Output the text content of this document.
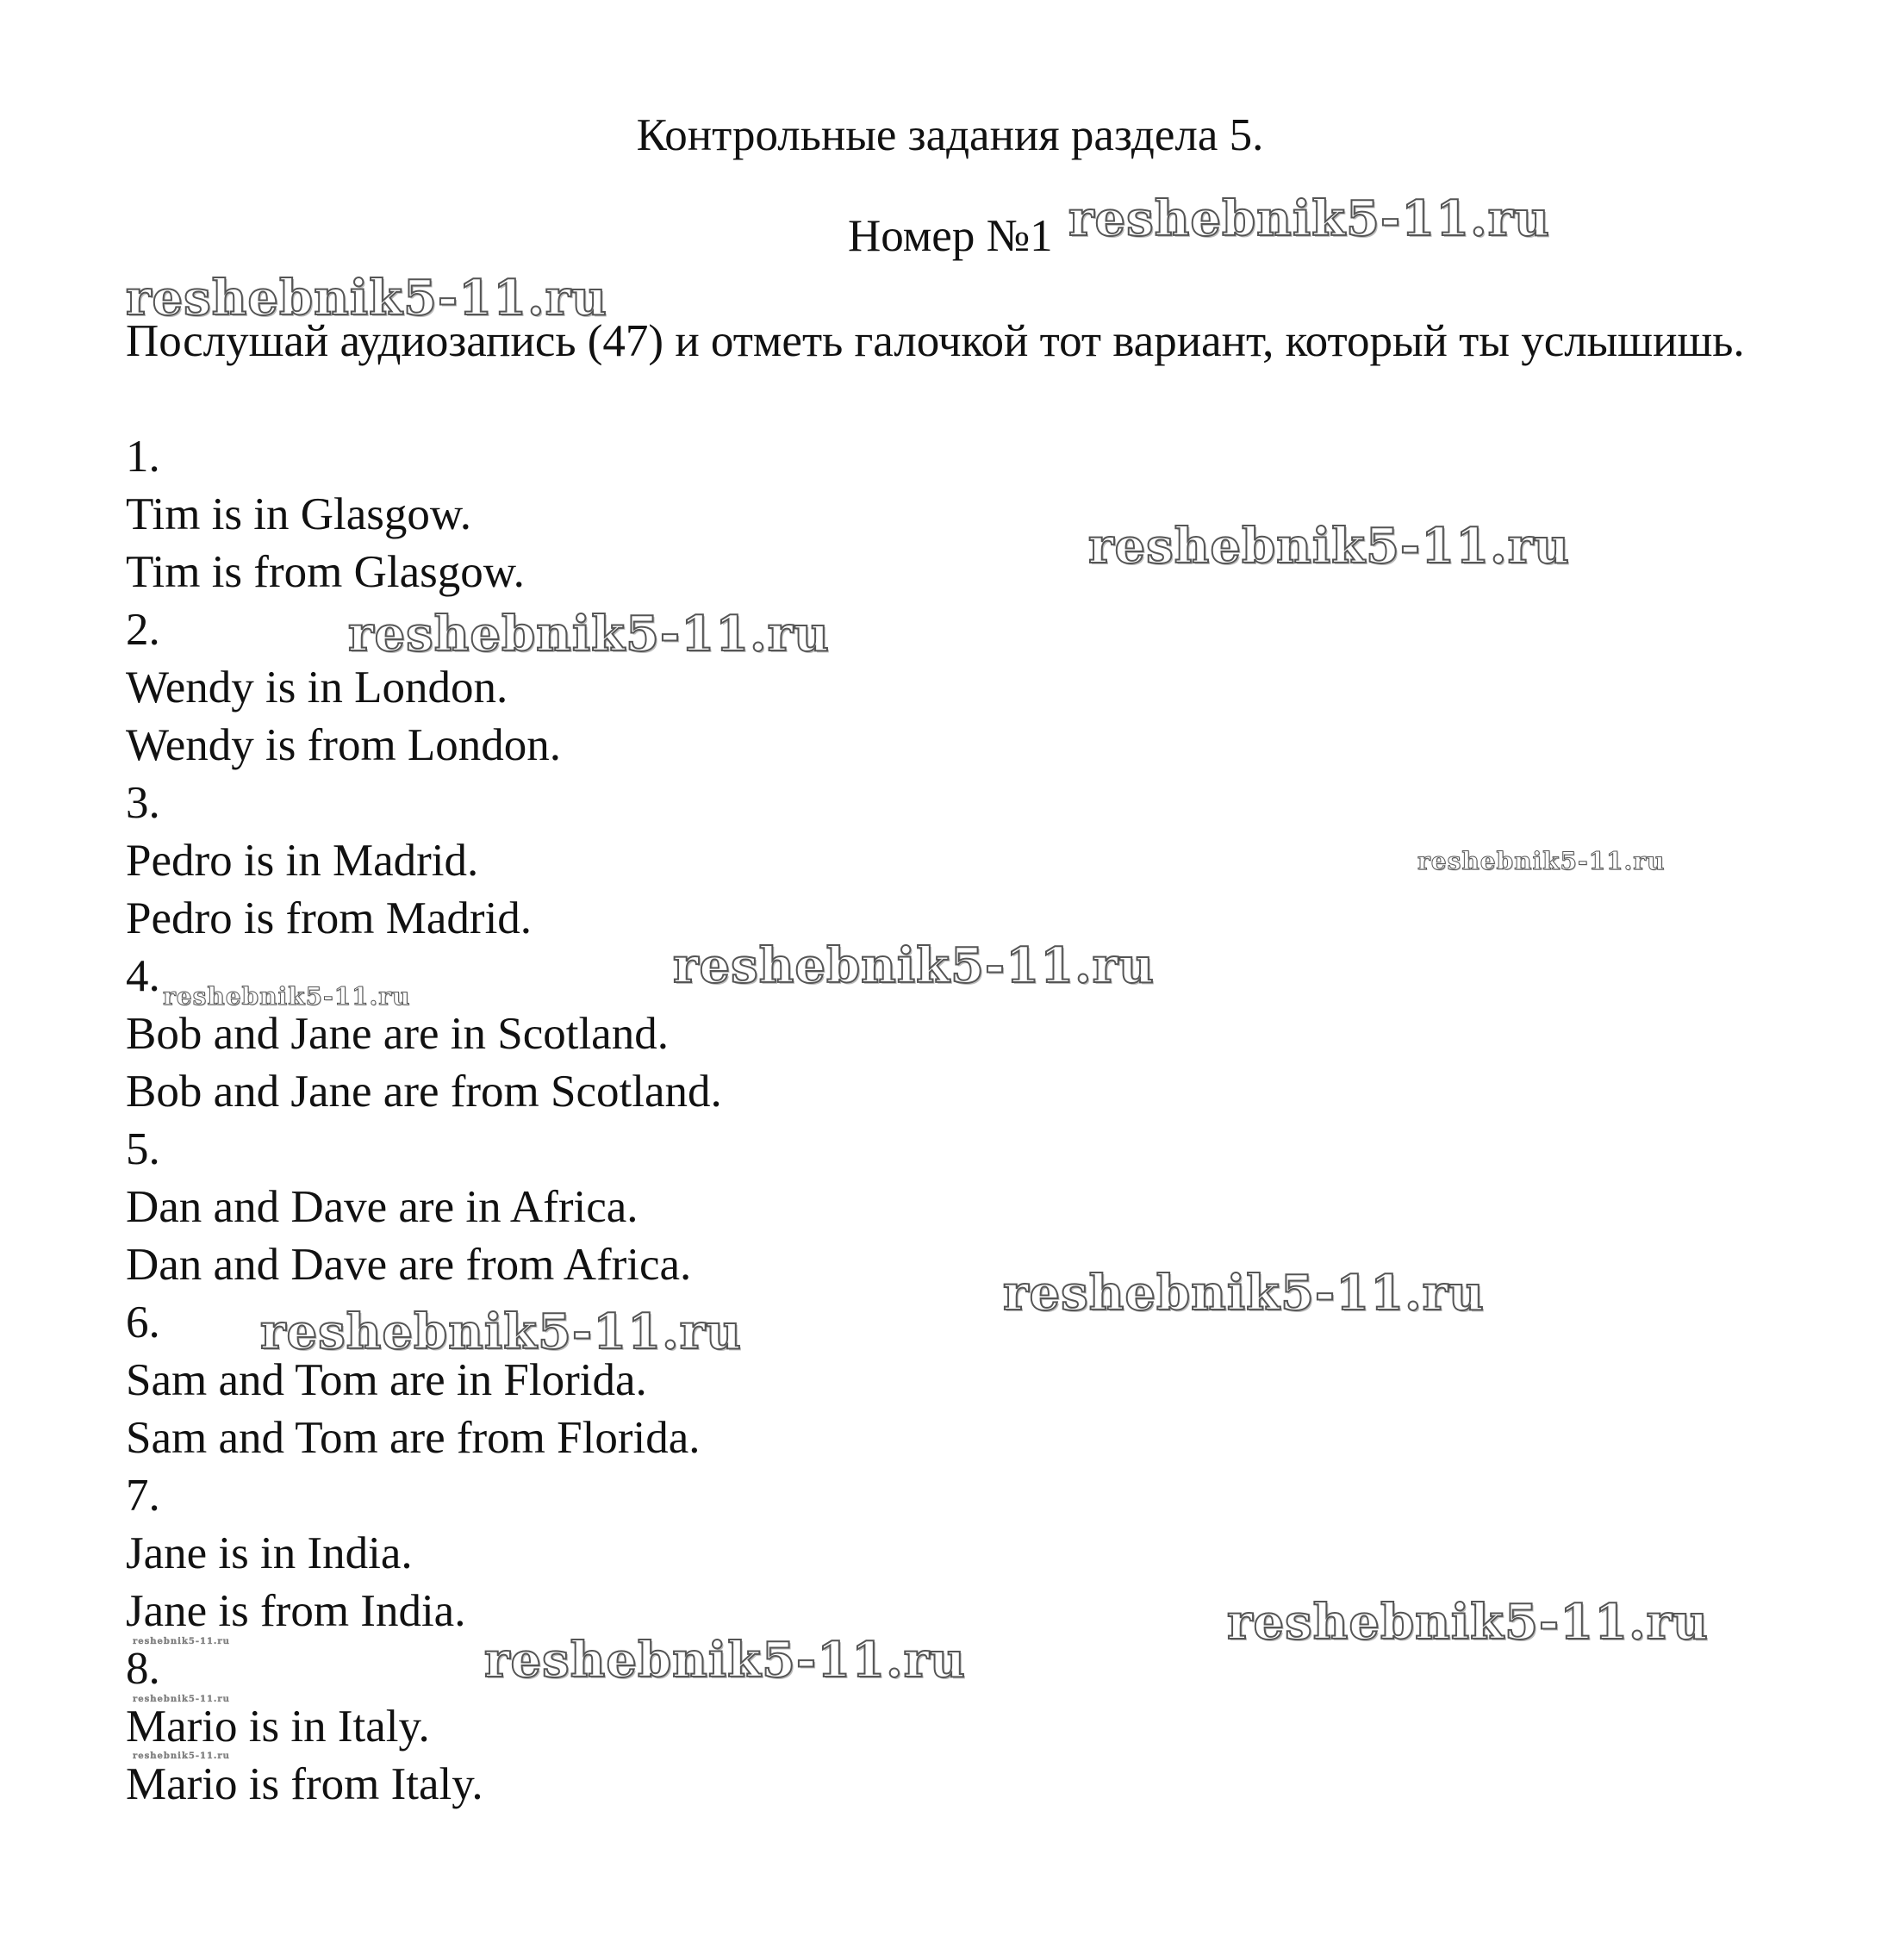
Контрольные задания раздела 5.
Номер №1
Послушай аудиозапись (47) и отметь галочкой тот вариант, который ты услышишь.
1.
Tim is in Glasgow.
Tim is from Glasgow.
2.
Wendy is in London.
Wendy is from London.
3.
Pedro is in Madrid.
Pedro is from Madrid.
4.
Bob and Jane are in Scotland.
Bob and Jane are from Scotland.
5.
Dan and Dave are in Africa.
Dan and Dave are from Africa.
6.
Sam and Tom are in Florida.
Sam and Tom are from Florida.
7.
Jane is in India.
Jane is from India.
8.
Mario is in Italy.
Mario is from Italy.
reshebnik5-11.ru
reshebnik5-11.ru
reshebnik5-11.ru
reshebnik5-11.ru
reshebnik5-11.ru
reshebnik5-11.ru
reshebnik5-11.ru
reshebnik5-11.ru
reshebnik5-11.ru
reshebnik5-11.ru
reshebnik5-11.ru
reshebnik5-11.ru
reshebnik5-11.ru
reshebnik5-11.ru
